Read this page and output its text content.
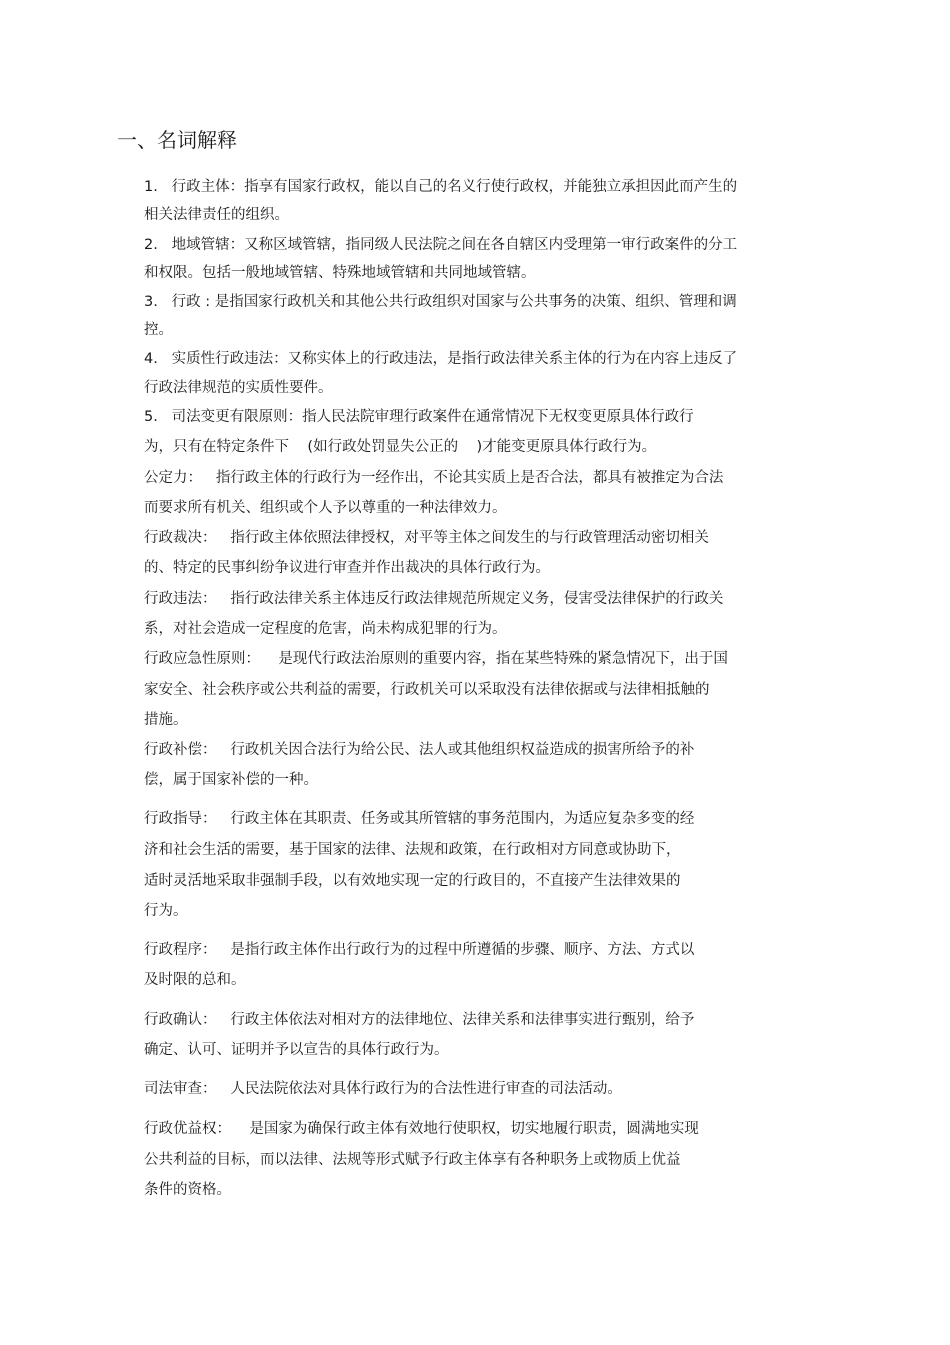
一、名词解释
1.   行政主体：指享有国家行政权，能以自己的名义行使行政权，并能独立承担因此而产生的
相关法律责任的组织。
2.   地域管辖：又称区域管辖，指同级人民法院之间在各自辖区内受理第一审行政案件的分工
和权限。包括一般地域管辖、特殊地域管辖和共同地域管辖。
3.   行政 : 是指国家行政机关和其他公共行政组织对国家与公共事务的决策、组织、管理和调
控。
4.   实质性行政违法：又称实体上的行政违法，是指行政法律关系主体的行为在内容上违反了
行政法律规范的实质性要件。
5.   司法变更有限原则：指人民法院审理行政案件在通常情况下无权变更原具体行政行
为，只有在特定条件下    (如行政处罚显失公正的    )才能变更原具体行政行为。
公定力：   指行政主体的行政行为一经作出，不论其实质上是否合法，都具有被推定为合法
而要求所有机关、组织或个人予以尊重的一种法律效力。
行政裁决：   指行政主体依照法律授权，对平等主体之间发生的与行政管理活动密切相关
的、特定的民事纠纷争议进行审查并作出裁决的具体行政行为。
行政违法：   指行政法律关系主体违反行政法律规范所规定义务，侵害受法律保护的行政关
系，对社会造成一定程度的危害，尚未构成犯罪的行为。
行政应急性原则：    是现代行政法治原则的重要内容，指在某些特殊的紧急情况下，出于国
家安全、社会秩序或公共利益的需要，行政机关可以采取没有法律依据或与法律相抵触的
措施。
行政补偿：   行政机关因合法行为给公民、法人或其他组织权益造成的损害所给予的补
偿，属于国家补偿的一种。
行政指导：   行政主体在其职责、任务或其所管辖的事务范围内，为适应复杂多变的经
济和社会生活的需要，基于国家的法律、法规和政策，在行政相对方同意或协助下，
适时灵活地采取非强制手段，以有效地实现一定的行政目的，不直接产生法律效果的
行为。
行政程序：   是指行政主体作出行政行为的过程中所遵循的步骤、顺序、方法、方式以
及时限的总和。
行政确认：   行政主体依法对相对方的法律地位、法律关系和法律事实进行甄别，给予
确定、认可、证明并予以宣告的具体行政行为。
司法审查：   人民法院依法对具体行政行为的合法性进行审查的司法活动。
行政优益权：    是国家为确保行政主体有效地行使职权，切实地履行职责，圆满地实现
公共利益的目标，而以法律、法规等形式赋予行政主体享有各种职务上或物质上优益
条件的资格。
